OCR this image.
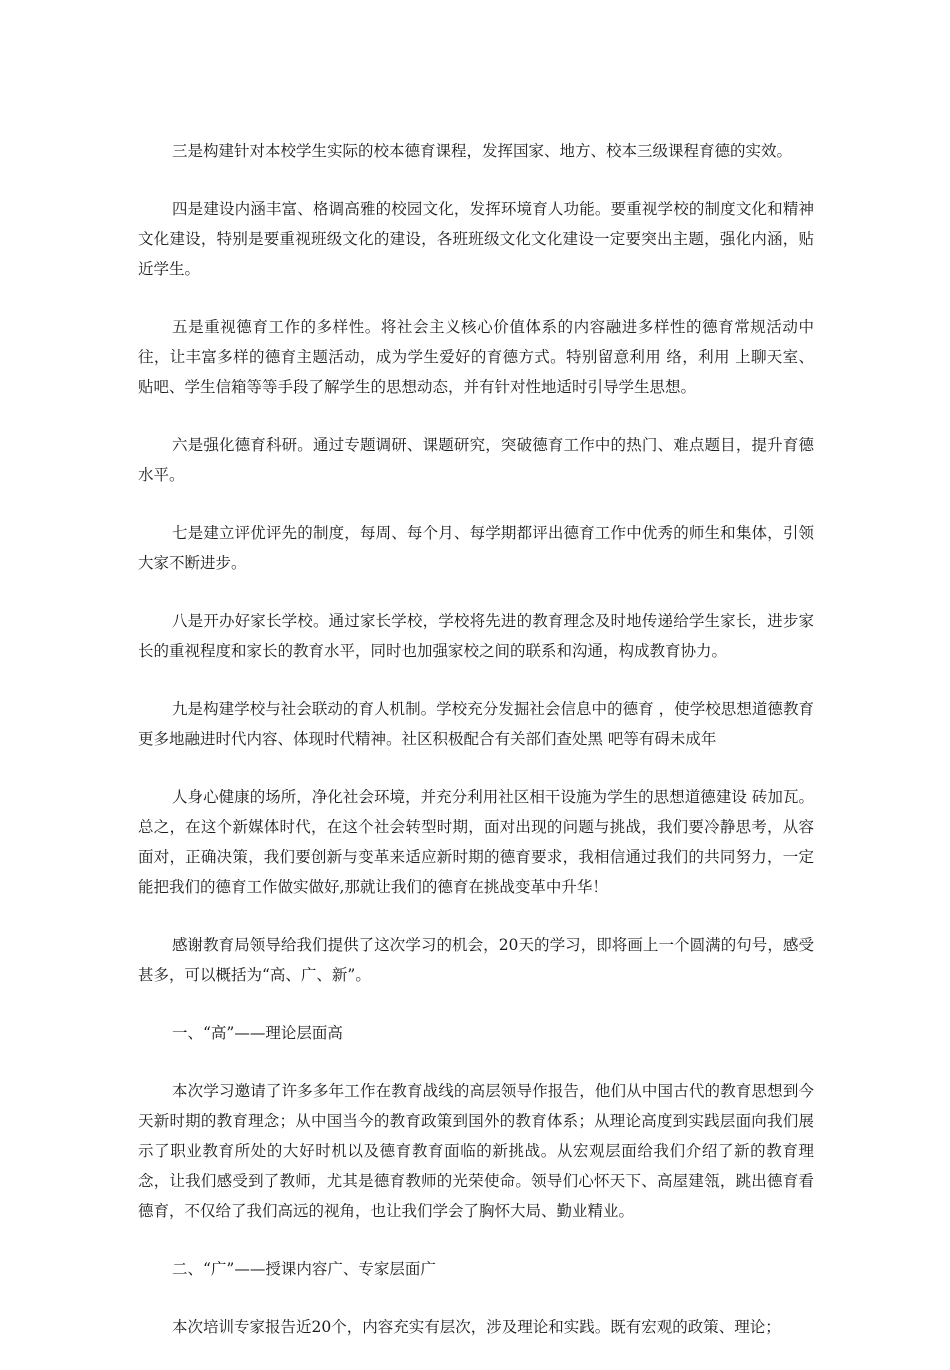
三是构建针对本校学生实际的校本德育课程，发挥国家、地方、校本三级课程育德的实效。

四是建设内涵丰富、格调高雅的校园文化，发挥环境育人功能。要重视学校的制度文化和精神文化建设，特别是要重视班级文化的建设，各班班级文化文化建设一定要突出主题，强化内涵，贴近学生。

五是重视德育工作的多样性。将社会主义核心价值体系的内容融进多样性的德育常规活动中往，让丰富多样的德育主题活动，成为学生爱好的育德方式。特别留意利用 络，利用 上聊天室、贴吧、学生信箱等等手段了解学生的思想动态，并有针对性地适时引导学生思想。

六是强化德育科研。通过专题调研、课题研究，突破德育工作中的热门、难点题目，提升育德水平。

七是建立评优评先的制度，每周、每个月、每学期都评出德育工作中优秀的师生和集体，引领大家不断进步。

八是开办好家长学校。通过家长学校，学校将先进的教育理念及时地传递给学生家长，进步家长的重视程度和家长的教育水平，同时也加强家校之间的联系和沟通，构成教育协力。

九是构建学校与社会联动的育人机制。学校充分发掘社会信息中的德育 ，使学校思想道德教育更多地融进时代内容、体现时代精神。社区积极配合有关部们查处黑 吧等有碍未成年

人身心健康的场所，净化社会环境，并充分利用社区相干设施为学生的思想道德建设 砖加瓦。 总之，在这个新媒体时代，在这个社会转型时期，面对出现的问题与挑战，我们要冷静思考，从容面对，正确决策，我们要创新与变革来适应新时期的德育要求，我相信通过我们的共同努力，一定能把我们的德育工作做实做好,那就让我们的德育在挑战变革中升华！

感谢教育局领导给我们提供了这次学习的机会，20天的学习，即将画上一个圆满的句号，感受甚多，可以概括为“高、广、新”。

一、“高”——理论层面高

本次学习邀请了许多多年工作在教育战线的高层领导作报告，他们从中国古代的教育思想到今天新时期的教育理念；从中国当今的教育政策到国外的教育体系；从理论高度到实践层面向我们展示了职业教育所处的大好时机以及德育教育面临的新挑战。从宏观层面给我们介绍了新的教育理念，让我们感受到了教师，尤其是德育教师的光荣使命。领导们心怀天下、高屋建瓴，跳出德育看德育，不仅给了我们高远的视角，也让我们学会了胸怀大局、勤业精业。

二、“广”——授课内容广、专家层面广

本次培训专家报告近20个，内容充实有层次，涉及理论和实践。既有宏观的政策、理论；
